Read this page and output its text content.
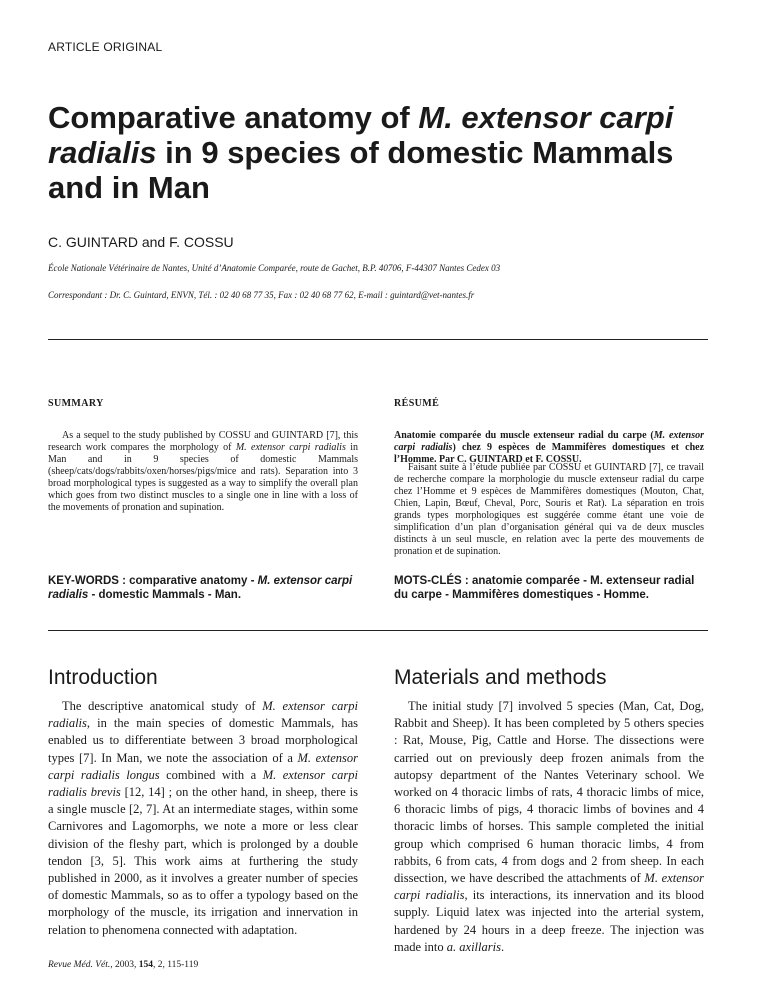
ARTICLE ORIGINAL
Comparative anatomy of M. extensor carpi radialis in 9 species of domestic Mammals and in Man
C. GUINTARD and F. COSSU
École Nationale Vétérinaire de Nantes, Unité d’Anatomie Comparée, route de Gachet, B.P. 40706, F-44307 Nantes Cedex 03
Correspondant : Dr. C. Guintard, ENVN, Tél. : 02 40 68 77 35, Fax : 02 40 68 77 62, E-mail : guintard@vet-nantes.fr
SUMMARY

As a sequel to the study published by COSSU and GUINTARD [7], this research work compares the morphology of M. extensor carpi radialis in Man and in 9 species of domestic Mammals (sheep/cats/dogs/rabbits/oxen/horses/pigs/mice and rats). Separation into 3 broad morphological types is suggested as a way to simplify the overall plan which goes from two distinct muscles to a single one in line with a loss of the movements of pronation and supination.

RÉSUMÉ

Anatomie comparée du muscle extenseur radial du carpe (M. extensor carpi radialis) chez 9 espèces de Mammifères domestiques et chez l’Homme. Par C. GUINTARD et F. COSSU.

Faisant suite à l’étude publiée par COSSU et GUINTARD [7], ce travail de recherche compare la morphologie du muscle extenseur radial du carpe chez l’Homme et 9 espèces de Mammifères domestiques (Mouton, Chat, Chien, Lapin, Bœuf, Cheval, Porc, Souris et Rat). La séparation en trois grands types morphologiques est suggérée comme étant une voie de simplification d’un plan d’organisation général qui va de deux muscles distincts à un seul muscle, en relation avec la perte des mouvements de pronation et de supination.

KEY-WORDS : comparative anatomy - M. extensor carpi radialis - domestic Mammals - Man.
MOTS-CLÉS : anatomie comparée - M. extenseur radial du carpe - Mammifères domestiques - Homme.
Introduction	Materials and methods

The descriptive anatomical study of M. extensor carpi radialis, in the main species of domestic Mammals, has enabled us to differentiate between 3 broad morphological types [7]. In Man, we note the association of a M. extensor carpi radialis longus combined with a M. extensor carpi radialis brevis [12, 14] ; on the other hand, in sheep, there is a single muscle [2, 7]. At an intermediate stages, within some Carnivores and Lagomorphs, we note a more or less clear division of the fleshy part, which is prolonged by a double tendon [3, 5]. This work aims at furthering the study published in 2000, as it involves a greater number of species of domestic Mammals, so as to offer a typology based on the morphology of the muscle, its irrigation and innervation in relation to phenomena connected with adaptation.

The initial study [7] involved 5 species (Man, Cat, Dog, Rabbit and Sheep). It has been completed by 5 others species : Rat, Mouse, Pig, Cattle and Horse. The dissections were carried out on previously deep frozen animals from the autopsy department of the Nantes Veterinary school. We worked on 4 thoracic limbs of rats, 4 thoracic limbs of mice, 6 thoracic limbs of pigs, 4 thoracic limbs of bovines and 4 thoracic limbs of horses. This sample completed the initial group which comprised 6 human thoracic limbs, 4 from rabbits, 6 from cats, 4 from dogs and 2 from sheep. In each dissection, we have described the attachments of M. extensor carpi radialis, its interactions, its innervation and its blood supply. Liquid latex was injected into the arterial system, hardened by 24 hours in a deep freeze. The injection was made into a. axillaris.

Revue Méd. Vét., 2003, 154, 2, 115-119
